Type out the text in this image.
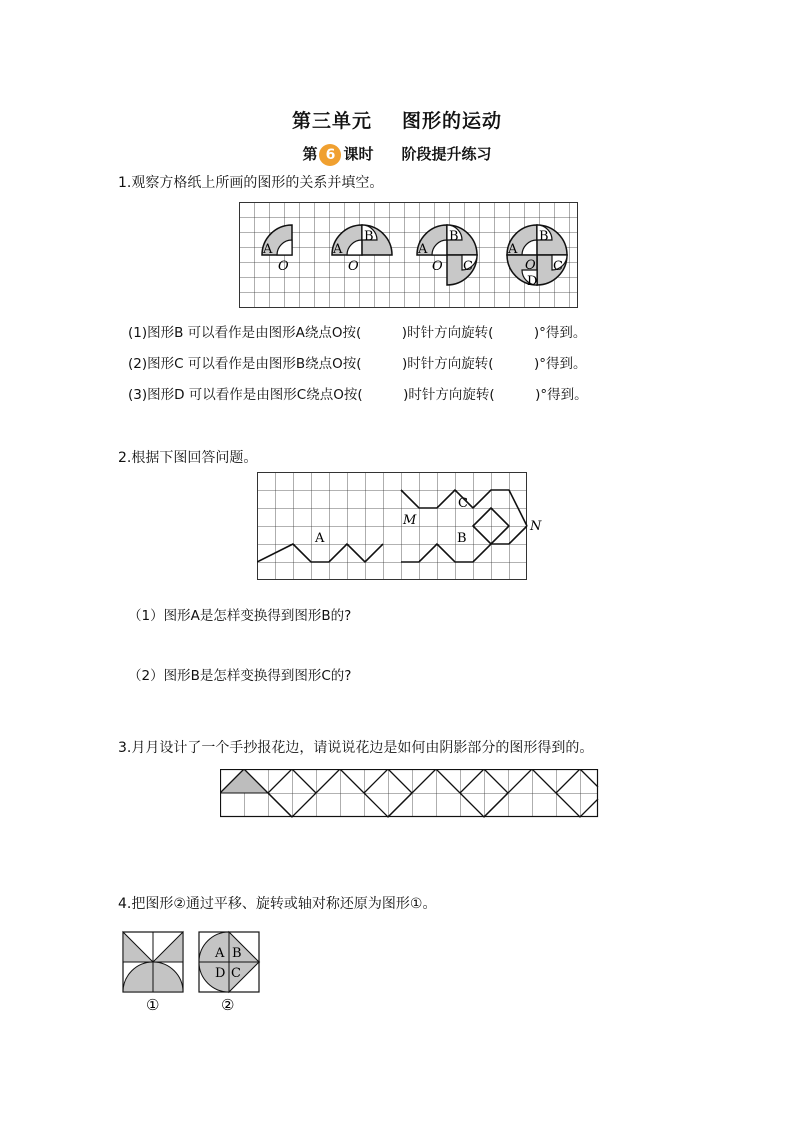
第三单元 图形的运动
第 6 课时 阶段提升练习
1.观察方格纸上所画的图形的关系并填空。
A
O
A
B
O
A
B
C
O
A
B
C
D
O
(1)图形B 可以看作是由图形A绕点O按(　　　)时针方向旋转(　　　)°得到。
(2)图形C 可以看作是由图形B绕点O按(　　　)时针方向旋转(　　　)°得到。
(3)图形D 可以看作是由图形C绕点O按(　　　)时针方向旋转(　　　)°得到。
2.根据下图回答问题。
A	B
C
M	N
（1）图形A是怎样变换得到图形B的?
（2）图形B是怎样变换得到图形C的?
3.月月设计了一个手抄报花边，请说说花边是如何由阴影部分的图形得到的。
4.把图形②通过平移、旋转或轴对称还原为图形①。
①
A B
D C
②
